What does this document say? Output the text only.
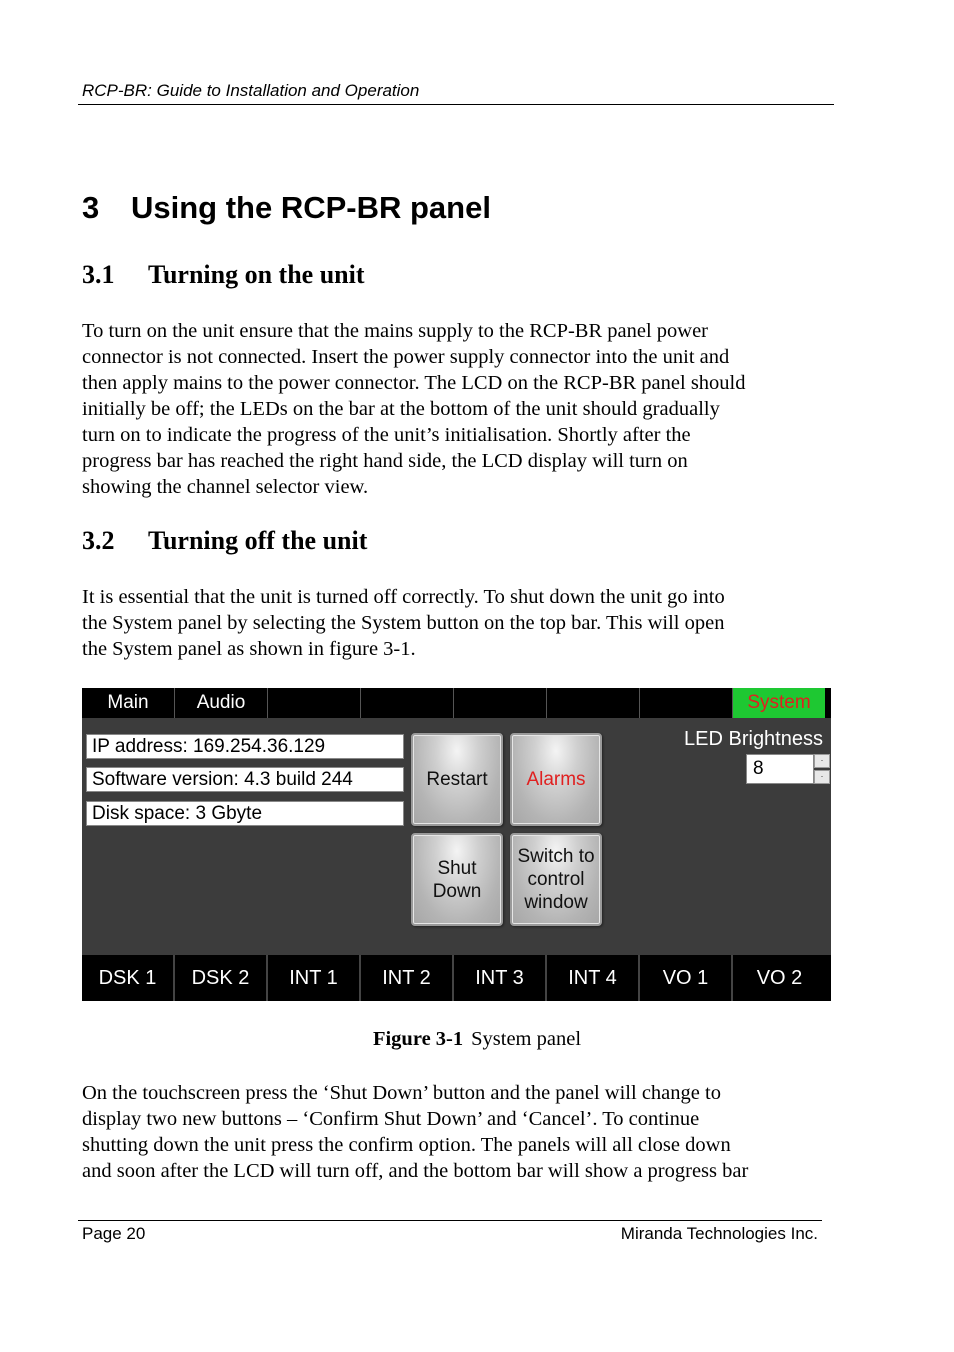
RCP-BR: Guide to Installation and Operation
3	Using the RCP-BR panel
3.1	Turning on the unit
To turn on the unit ensure that the mains supply to the RCP-BR panel power
connector is not connected. Insert the power supply connector into the unit and
then apply mains to the power connector. The LCD on the RCP-BR panel should
initially be off; the LEDs on the bar at the bottom of the unit should gradually
turn on to indicate the progress of the unit’s initialisation. Shortly after the
progress bar has reached the right hand side, the LCD display will turn on
showing the channel selector view.
3.2	Turning off the unit
It is essential that the unit is turned off correctly. To shut down the unit go into
the System panel by selecting the System button on the top bar. This will open
the System panel as shown in figure 3-1.
Main	Audio	System
IP address: 169.254.36.129
Software version: 4.3 build 244
Disk space: 3 Gbyte
Restart Alarms
Shut
Down
Switch to
control
window
LED Brightness
8	·
·
DSK 1	DSK 2	INT 1	INT 2	INT 3	INT 4	VO 1	VO 2
Figure 3-1 System panel
On the touchscreen press the ‘Shut Down’ button and the panel will change to
display two new buttons – ‘Confirm Shut Down’ and ‘Cancel’. To continue
shutting down the unit press the confirm option. The panels will all close down
and soon after the LCD will turn off, and the bottom bar will show a progress bar
Page 20	Miranda Technologies Inc.
